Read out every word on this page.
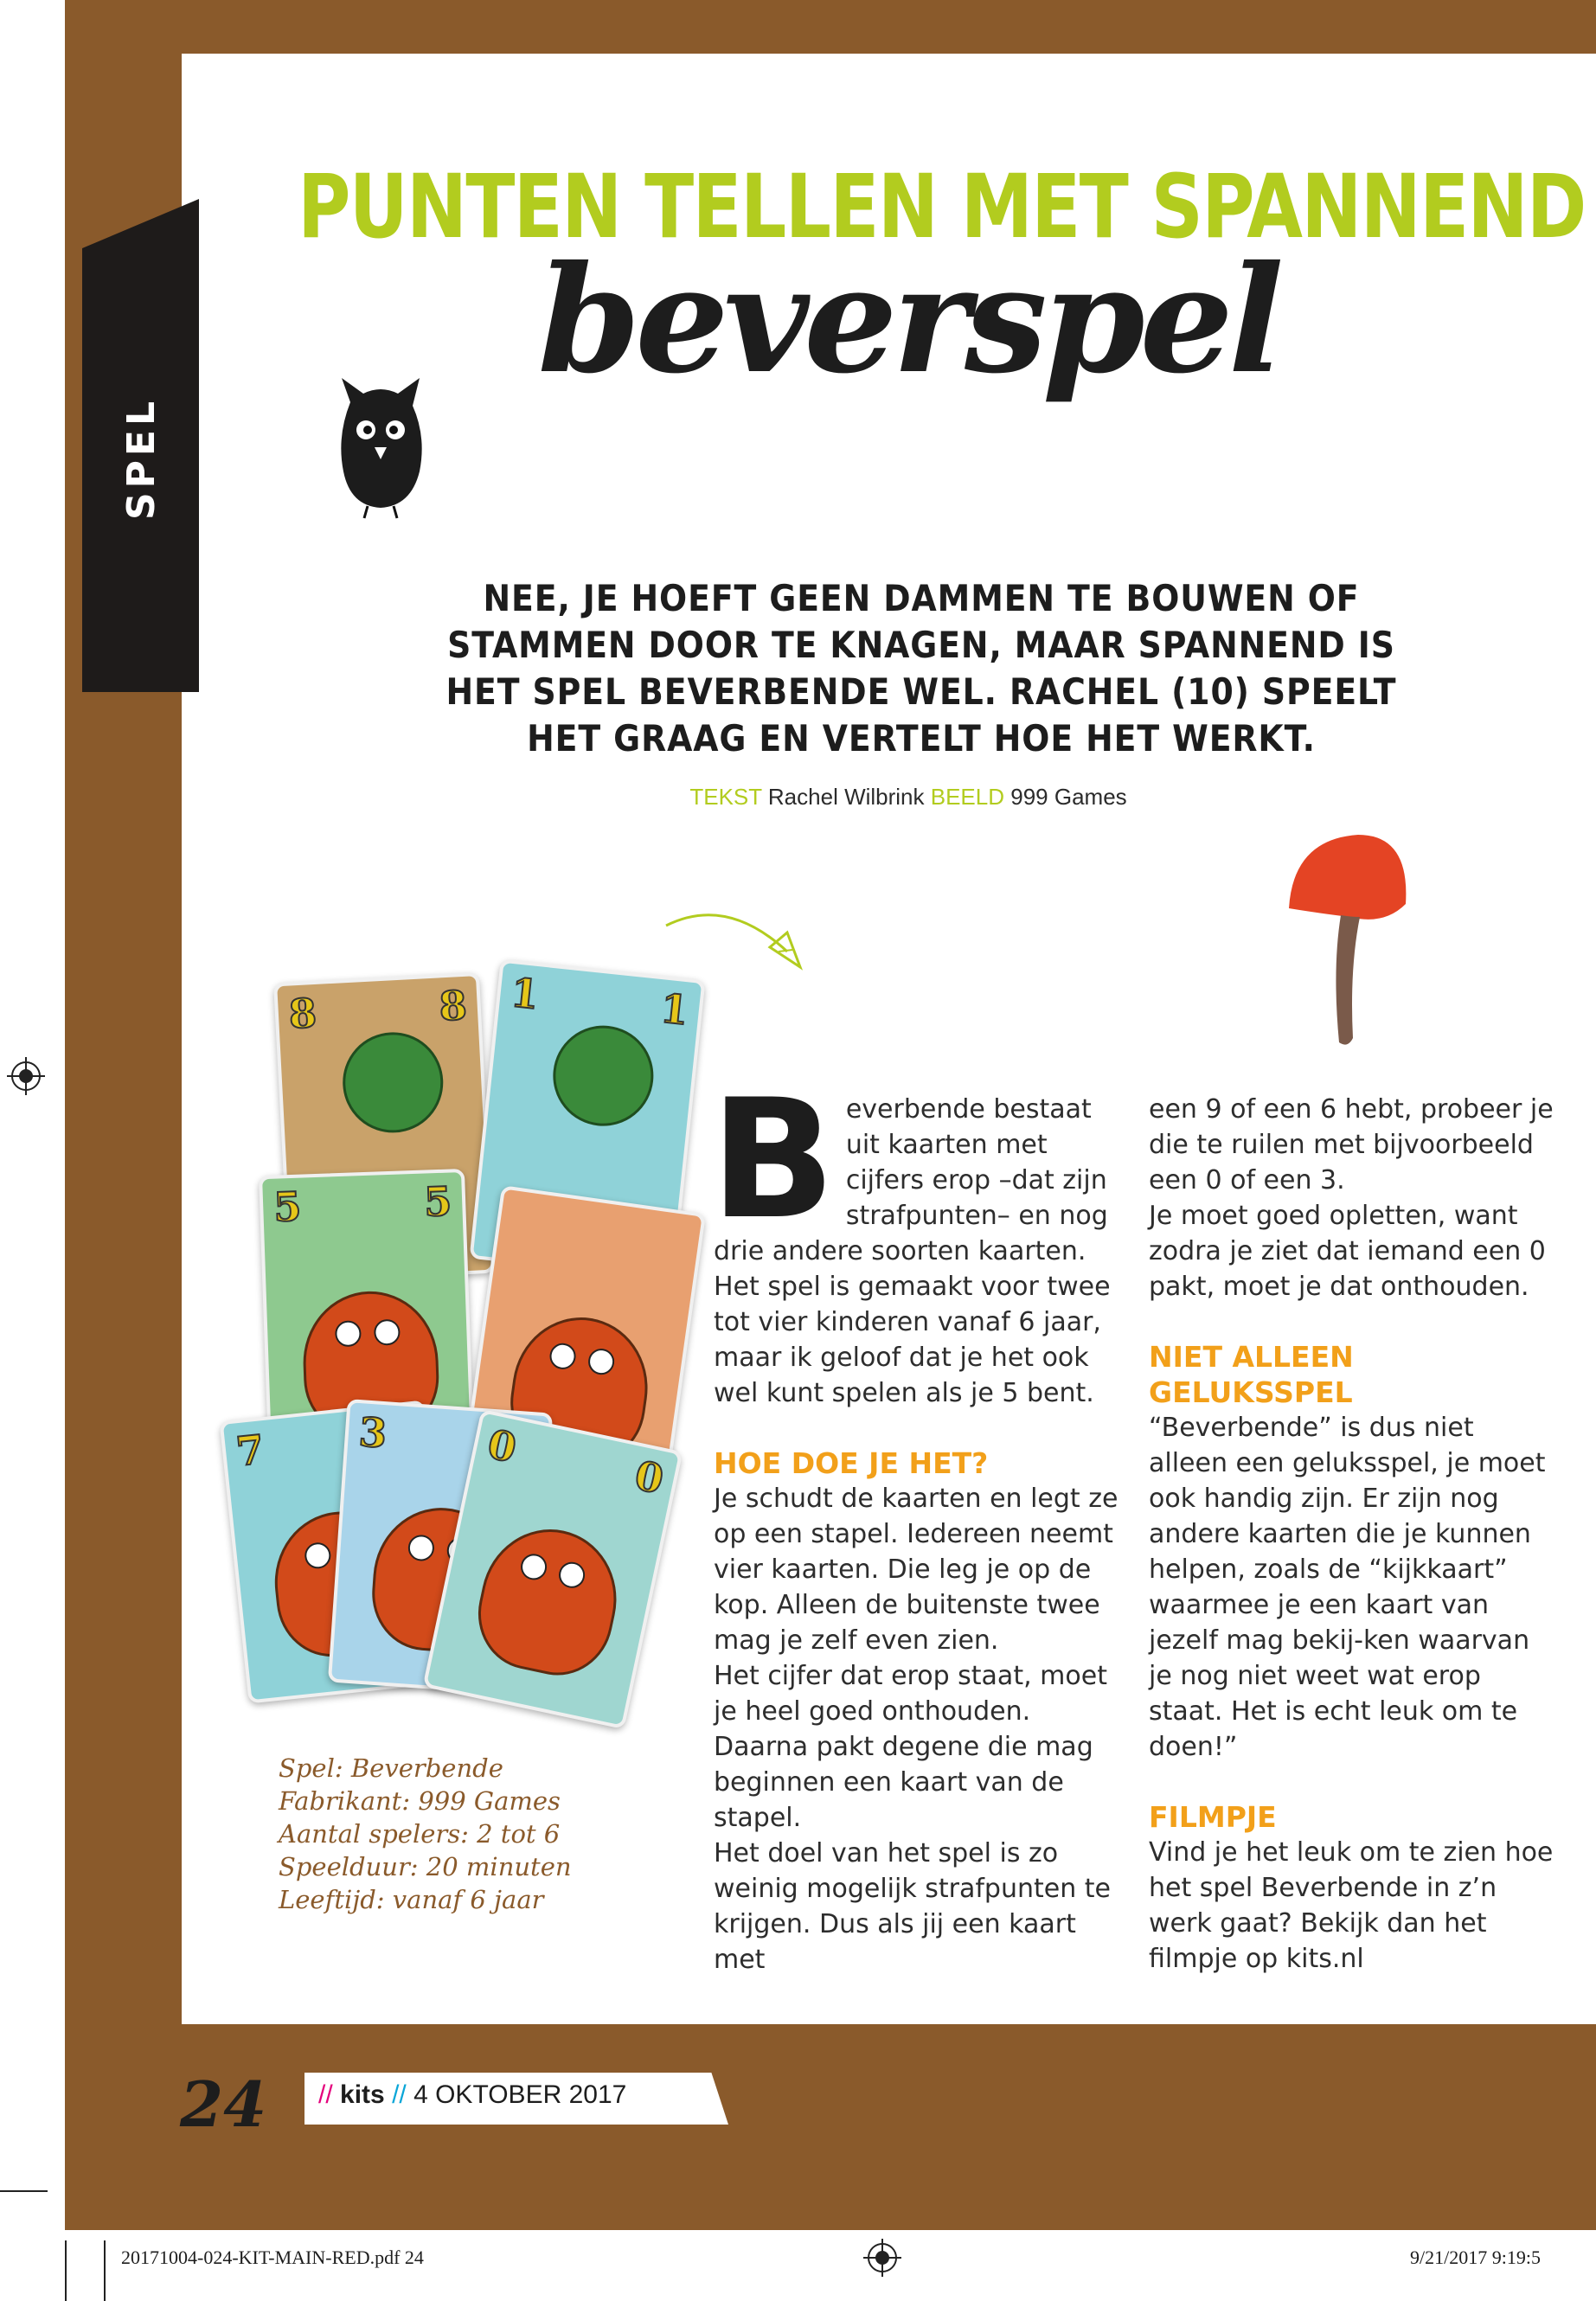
SPEL
PUNTEN TELLEN MET SPANNEND
beverspel
NEE, JE HOEFT GEEN DAMMEN TE BOUWEN OF STAMMEN DOOR TE KNAGEN, MAAR SPANNEND IS HET SPEL BEVERBENDE WEL. RACHEL (10) SPEELT HET GRAAG EN VERTELT HOE HET WERKT.
TEKST Rachel Wilbrink BEELD 999 Games
8	8 1	1
5	5
7 3 0
0
Spel: Beverbende
Fabrikant: 999 Games
Aantal spelers: 2 tot 6
Speelduur: 20 minuten
Leeftijd: vanaf 6 jaar
B everbende bestaat uit kaarten met cijfers erop –dat zijn strafpunten– en nog drie andere soorten kaarten.

Het spel is gemaakt voor twee tot vier kinderen vanaf 6 jaar, maar ik geloof dat je het ook wel kunt spelen als je 5 bent.

HOE DOE JE HET?

Je schudt de kaarten en legt ze op een stapel. Iedereen neemt vier kaarten. Die leg je op de kop. Alleen de buitenste twee mag je zelf even zien.

Het cijfer dat erop staat, moet je heel goed onthouden. Daarna pakt degene die mag beginnen een kaart van de stapel.

Het doel van het spel is zo weinig mogelijk strafpunten te krijgen. Dus als jij een kaart met

een 9 of een 6 hebt, probeer je die te ruilen met bijvoorbeeld een 0 of een 3.

Je moet goed opletten, want zodra je ziet dat iemand een 0 pakt, moet je dat onthouden.

NIET ALLEEN GELUKSSPEL

“Beverbende” is dus niet alleen een geluksspel, je moet ook handig zijn. Er zijn nog andere kaarten die je kunnen helpen, zoals de “kijkkaart” waarmee je een kaart van jezelf mag bekij-ken waarvan je nog niet weet wat erop staat. Het is echt leuk om te doen!”

FILMPJE

Vind je het leuk om te zien hoe het spel Beverbende in z’n werk gaat? Bekijk dan het filmpje op kits.nl

24 // kits // 4 OKTOBER 2017
20171004-024-KIT-MAIN-RED.pdf 24	9/21/2017 9:19:5
